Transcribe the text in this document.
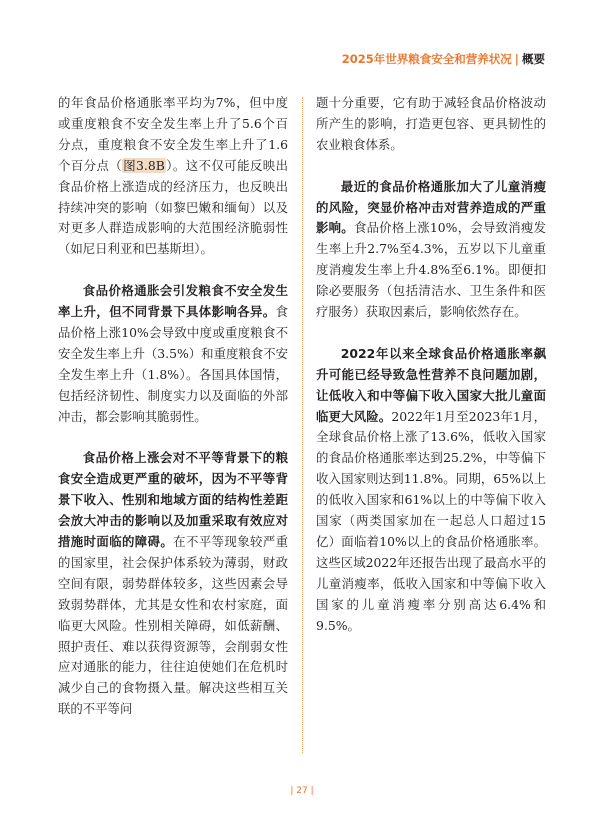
2025年世界粮食安全和营养状况 | 概要

的年食品价格通胀率平均为7%，但中度或重度粮食不安全发生率上升了5.6个百分点，重度粮食不安全发生率上升了1.6个百分点（图3.8B）。这不仅可能反映出食品价格上涨造成的经济压力，也反映出持续冲突的影响（如黎巴嫩和缅甸）以及对更多人群造成影响的大范围经济脆弱性（如尼日利亚和巴基斯坦）。

食品价格通胀会引发粮食不安全发生率上升，但不同背景下具体影响各异。食品价格上涨10%会导致中度或重度粮食不安全发生率上升（3.5%）和重度粮食不安全发生率上升（1.8%）。各国具体国情，包括经济韧性、制度实力以及面临的外部冲击，都会影响其脆弱性。

食品价格上涨会对不平等背景下的粮食安全造成更严重的破坏，因为不平等背景下收入、性别和地域方面的结构性差距会放大冲击的影响以及加重采取有效应对措施时面临的障碍。在不平等现象较严重的国家里，社会保护体系较为薄弱，财政空间有限，弱势群体较多，这些因素会导致弱势群体，尤其是女性和农村家庭，面临更大风险。性别相关障碍，如低薪酬、照护责任、难以获得资源等，会削弱女性应对通胀的能力，往往迫使她们在危机时减少自己的食物摄入量。解决这些相互关联的不平等问

题十分重要，它有助于减轻食品价格波动所产生的影响，打造更包容、更具韧性的农业粮食体系。

最近的食品价格通胀加大了儿童消瘦的风险，突显价格冲击对营养造成的严重影响。食品价格上涨10%，会导致消瘦发生率上升2.7%至4.3%，五岁以下儿童重度消瘦发生率上升4.8%至6.1%。即便扣除必要服务（包括清洁水、卫生条件和医疗服务）获取因素后，影响依然存在。

2022年以来全球食品价格通胀率飙升可能已经导致急性营养不良问题加剧，让低收入和中等偏下收入国家大批儿童面临更大风险。2022年1月至2023年1月，全球食品价格上涨了13.6%，低收入国家的食品价格通胀率达到25.2%，中等偏下收入国家则达到11.8%。同期，65%以上的低收入国家和61%以上的中等偏下收入国家（两类国家加在一起总人口超过15亿）面临着10%以上的食品价格通胀率。这些区域2022年还报告出现了最高水平的儿童消瘦率，低收入国家和中等偏下收入国家的儿童消瘦率分别高达6.4%和9.5%。

| 27 |
